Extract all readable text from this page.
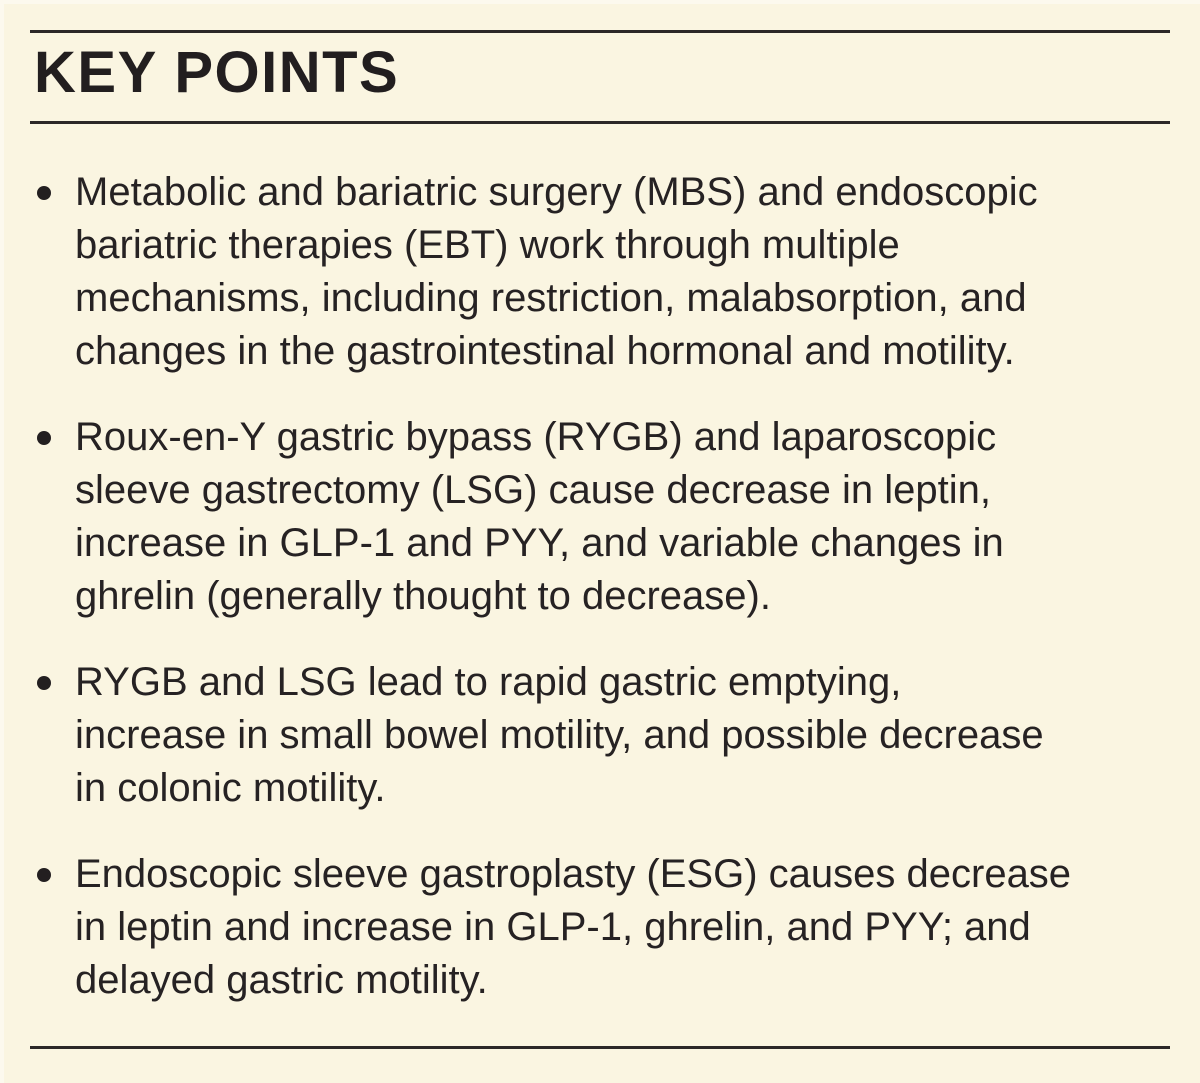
KEY POINTS
Metabolic and bariatric surgery (MBS) and endoscopic
bariatric therapies (EBT) work through multiple
mechanisms, including restriction, malabsorption, and
changes in the gastrointestinal hormonal and motility.
Roux-en-Y gastric bypass (RYGB) and laparoscopic
sleeve gastrectomy (LSG) cause decrease in leptin,
increase in GLP-1 and PYY, and variable changes in
ghrelin (generally thought to decrease).
RYGB and LSG lead to rapid gastric emptying,
increase in small bowel motility, and possible decrease
in colonic motility.
Endoscopic sleeve gastroplasty (ESG) causes decrease
in leptin and increase in GLP-1, ghrelin, and PYY; and
delayed gastric motility.
